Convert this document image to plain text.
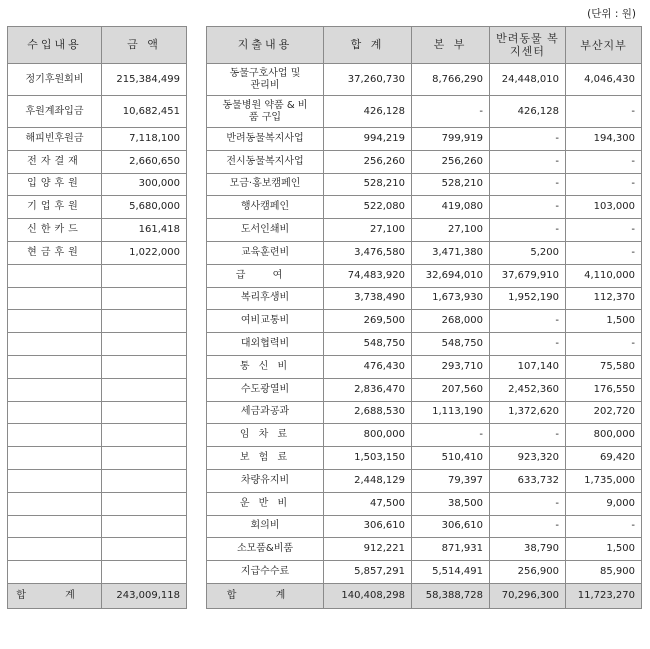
(단위 : 원)
수입내용	금 액
정기후원회비	215,384,499
후원계좌입금	10,682,451
해피빈후원금	7,118,100
전자결재	2,660,650
입양후원	300,000
기업후원	5,680,000
신한카드	161,418
현금후원	1,022,000

합 계	243,009,118
지출내용	합 계	본 부	반려동물 복지센터	부산지부
동물구호사업 및 관리비	37,260,730	8,766,290	24,448,010	4,046,430
동물병원 약품 & 비품 구입	426,128	-	426,128	-
반려동물복지사업	994,219	799,919	-	194,300
전시동물복지사업	256,260	256,260	-	-
모금·홍보캠페인	528,210	528,210	-	-
행사캠페인	522,080	419,080	-	103,000
도서인쇄비	27,100	27,100	-	-
교육훈련비	3,476,580	3,471,380	5,200	-
급 여	74,483,920	32,694,010	37,679,910	4,110,000
복리후생비	3,738,490	1,673,930	1,952,190	112,370
여비교통비	269,500	268,000	-	1,500
대외협력비	548,750	548,750	-	-
통 신 비	476,430	293,710	107,140	75,580
수도광열비	2,836,470	207,560	2,452,360	176,550
세금과공과	2,688,530	1,113,190	1,372,620	202,720
임 차 료	800,000	-	-	800,000
보 험 료	1,503,150	510,410	923,320	69,420
차량유지비	2,448,129	79,397	633,732	1,735,000
운 반 비	47,500	38,500	-	9,000
회의비	306,610	306,610	-	-
소모품&비품	912,221	871,931	38,790	1,500
지급수수료	5,857,291	5,514,491	256,900	85,900
합 계	140,408,298	58,388,728	70,296,300	11,723,270
